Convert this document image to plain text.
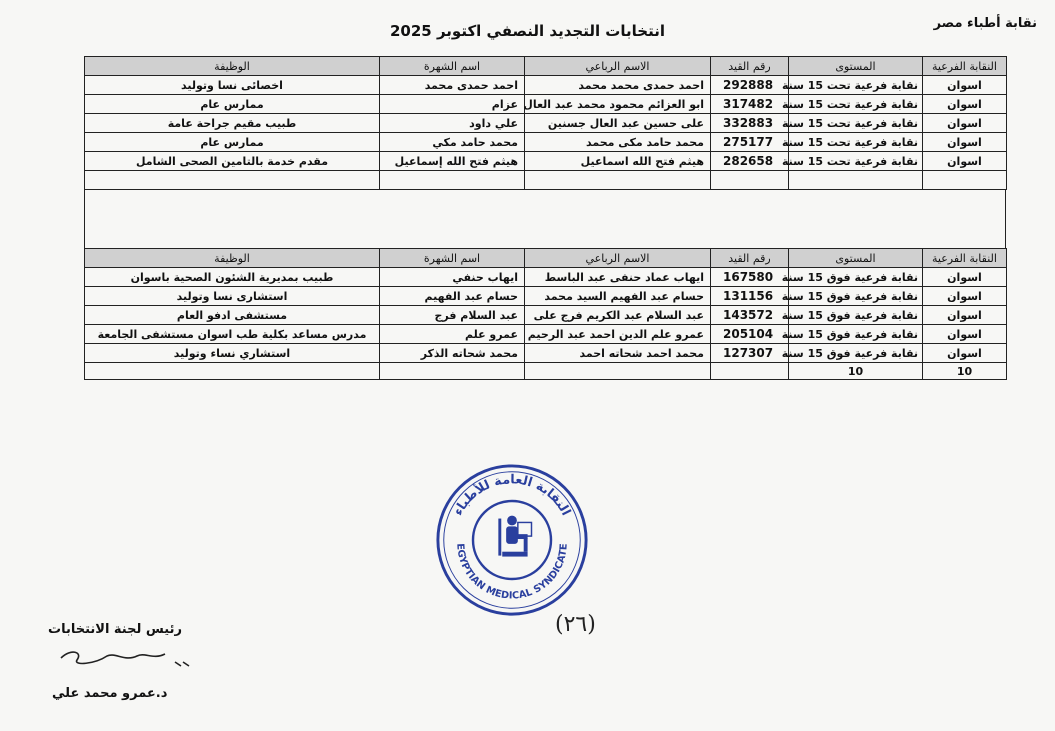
نقابة أطباء مصر
انتخابات التجديد النصفي اكتوبر 2025
النقابة الفرعية	المستوى	رقم القيد	الاسم الرباعي	اسم الشهرة	الوظيفة
اسوان	نقابة فرعية تحت 15 سنة	292888	احمد حمدى محمد محمد	احمد حمدى محمد	اخصائى نسا وتوليد
اسوان	نقابة فرعية تحت 15 سنة	317482	ابو العزائم محمود محمد عبد العال	عزام	ممارس عام
اسوان	نقابة فرعية تحت 15 سنة	332883	على حسين عبد العال جسنين	علي داود	طبيب مقيم جراحة عامة
اسوان	نقابة فرعية تحت 15 سنة	275177	محمد حامد مكى محمد	محمد حامد مكي	ممارس عام
اسوان	نقابة فرعية تحت 15 سنة	282658	هيثم فتح الله اسماعيل	هيثم فتح الله إسماعيل	مقدم خدمة بالتامين الصحى الشامل

النقابة الفرعية	المستوى	رقم القيد	الاسم الرباعي	اسم الشهرة	الوظيفة
اسوان	نقابة فرعية فوق 15 سنة	167580	ايهاب عماد حنفى عبد الباسط	ايهاب حنفي	طبيب بمديرية الشئون الصحية باسوان
اسوان	نقابة فرعية فوق 15 سنة	131156	حسام عبد الفهيم السيد محمد	حسام عبد الفهيم	استشارى نسا وتوليد
اسوان	نقابة فرعية فوق 15 سنة	143572	عبد السلام عبد الكريم فرج على	عبد السلام فرج	مستشفى ادفو العام
اسوان	نقابة فرعية فوق 15 سنة	205104	عمرو علم الدين احمد عبد الرحيم	عمرو علم	مدرس مساعد بكلية طب اسوان مستشفى الجامعة
اسوان	نقابة فرعية فوق 15 سنة	127307	محمد احمد شحاته احمد	محمد شحاته الذكر	استشاري نساء وتوليد
10	10				
النقابة العامة للأطباء
EGYPTIAN MEDICAL SYNDICATE
(٢٦)
رئيس لجنة الانتخابات
د.عمرو محمد علي
